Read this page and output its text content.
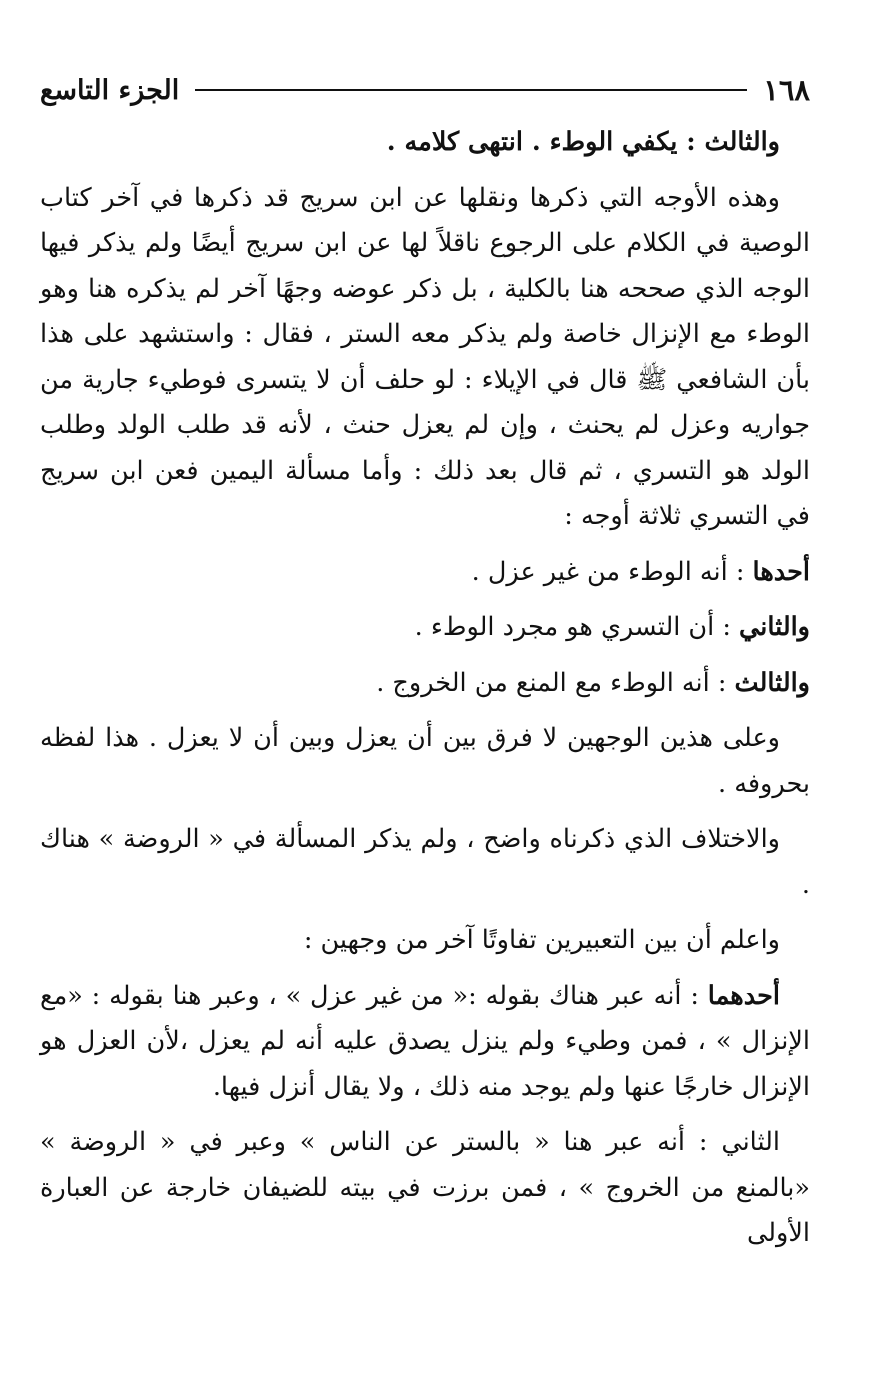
١٦٨
الجزء التاسع

والثالث : يكفي الوطء . انتهى كلامه .

وهذه الأوجه التي ذكرها ونقلها عن ابن سريج قد ذكرها في آخر كتاب الوصية في الكلام على الرجوع ناقلاً لها عن ابن سريج أيضًا ولم يذكر فيها الوجه الذي صححه هنا بالكلية ، بل ذكر عوضه وجهًا آخر لم يذكره هنا وهو الوطء مع الإنزال خاصة ولم يذكر معه الستر ، فقال : واستشهد على هذا بأن الشافعي ﷺ قال في الإيلاء : لو حلف أن لا يتسرى فوطيء جارية من جواريه وعزل لم يحنث ، وإن لم يعزل حنث ، لأنه قد طلب الولد وطلب الولد هو التسري ، ثم قال بعد ذلك : وأما مسألة اليمين فعن ابن سريج في التسري ثلاثة أوجه :

أحدها : أنه الوطء من غير عزل .

والثاني : أن التسري هو مجرد الوطء .

والثالث : أنه الوطء مع المنع من الخروج .

وعلى هذين الوجهين لا فرق بين أن يعزل وبين أن لا يعزل . هذا لفظه بحروفه .

والاختلاف الذي ذكرناه واضح ، ولم يذكر المسألة في « الروضة » هناك .

واعلم أن بين التعبيرين تفاوتًا آخر من وجهين :

أحدهما : أنه عبر هناك بقوله :« من غير عزل » ، وعبر هنا بقوله : «مع الإنزال » ، فمن وطيء ولم ينزل يصدق عليه أنه لم يعزل ،لأن العزل هو الإنزال خارجًا عنها ولم يوجد منه ذلك ، ولا يقال أنزل فيها.

الثاني : أنه عبر هنا « بالستر عن الناس » وعبر في « الروضة » «بالمنع من الخروج » ، فمن برزت في بيته للضيفان خارجة عن العبارة الأولى
